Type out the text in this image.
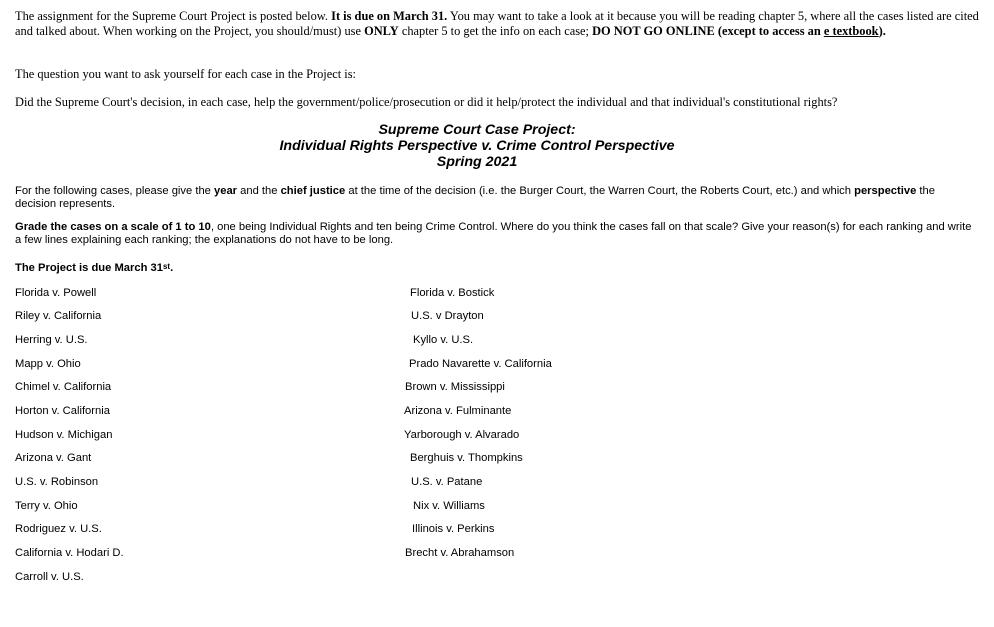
The assignment for the Supreme Court Project is posted below. It is due on March 31. You may want to take a look at it because you will be reading chapter 5, where all the cases listed are cited and talked about. When working on the Project, you should/must) use ONLY chapter 5 to get the info on each case; DO NOT GO ONLINE (except to access an e textbook).

The question you want to ask yourself for each case in the Project is:

Did the Supreme Court's decision, in each case, help the government/police/prosecution or did it help/protect the individual and that individual's constitutional rights?

Supreme Court Case Project:
Individual Rights Perspective v. Crime Control Perspective
Spring 2021

For the following cases, please give the year and the chief justice at the time of the decision (i.e. the Burger Court, the Warren Court, the Roberts Court, etc.) and which perspective the decision represents.

Grade the cases on a scale of 1 to 10, one being Individual Rights and ten being Crime Control. Where do you think the cases fall on that scale? Give your reason(s) for each ranking and write a few lines explaining each ranking; the explanations do not have to be long.

The Project is due March 31st.

Florida v. Powell
Riley v. California
Herring v. U.S.
Mapp v. Ohio
Chimel v. California
Horton v. California
Hudson v. Michigan
Arizona v. Gant
U.S. v. Robinson
Terry v. Ohio
Rodriguez v. U.S.
California v. Hodari D.
Carroll v. U.S.
Florida v. Bostick
U.S. v Drayton
Kyllo v. U.S.
Prado Navarette v. California
Brown v. Mississippi
Arizona v. Fulminante
Yarborough v. Alvarado
Berghuis v. Thompkins
U.S. v. Patane
Nix v. Williams
Illinois v. Perkins
Brecht v. Abrahamson
